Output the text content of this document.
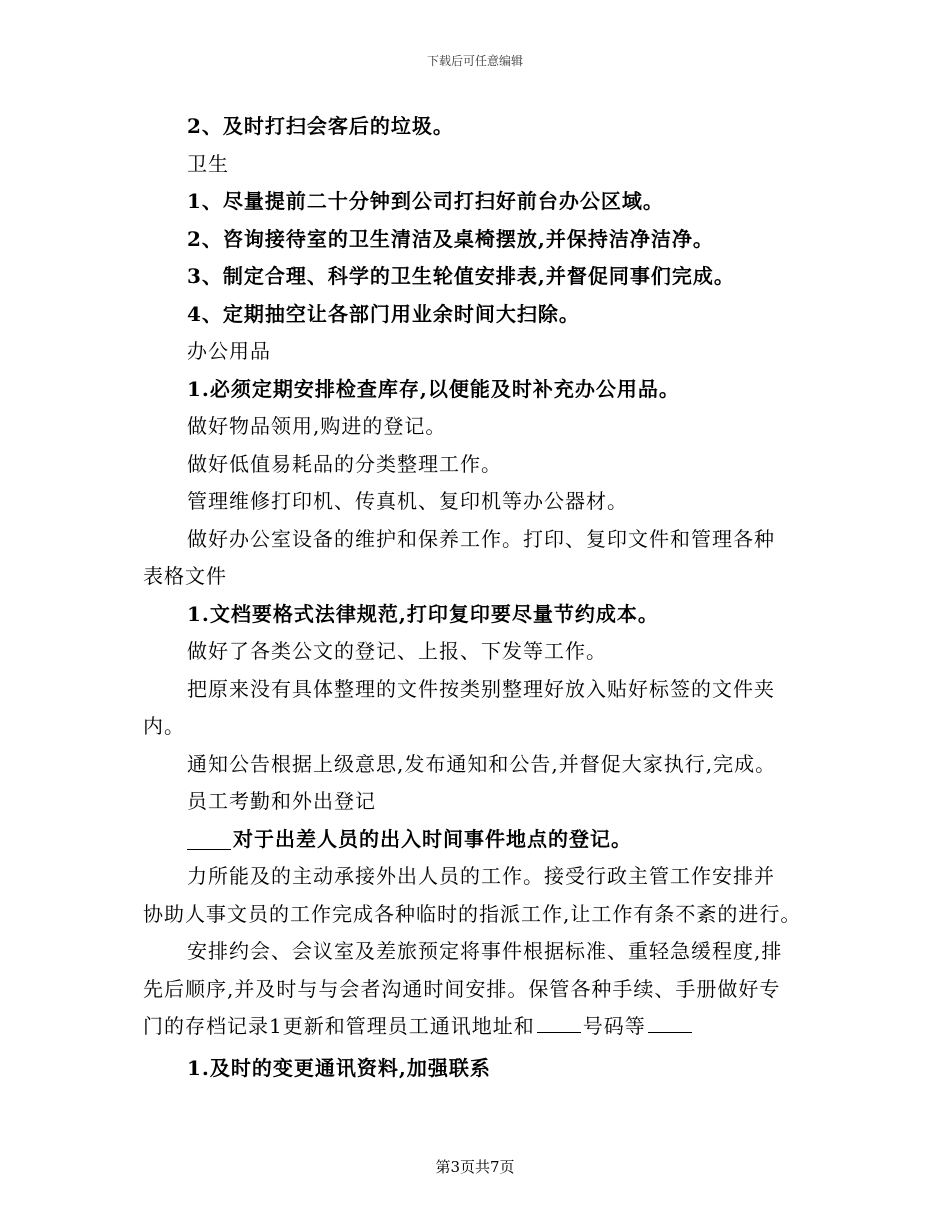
下载后可任意编辑
2、及时打扫会客后的垃圾。
卫生
1、尽量提前二十分钟到公司打扫好前台办公区域。
2、咨询接待室的卫生清洁及桌椅摆放,并保持洁净洁净。
3、制定合理、科学的卫生轮值安排表,并督促同事们完成。
4、定期抽空让各部门用业余时间大扫除。
办公用品
1.必须定期安排检查库存,以便能及时补充办公用品。
做好物品领用,购进的登记。
做好低值易耗品的分类整理工作。
管理维修打印机、传真机、复印机等办公器材。
做好办公室设备的维护和保养工作。打印、复印文件和管理各种
表格文件
1.文档要格式法律规范,打印复印要尽量节约成本。
做好了各类公文的登记、上报、下发等工作。
把原来没有具体整理的文件按类别整理好放入贴好标签的文件夹
内。
通知公告根据上级意思,发布通知和公告,并督促大家执行,完成。
员工考勤和外出登记
对于出差人员的出入时间事件地点的登记。
力所能及的主动承接外出人员的工作。接受行政主管工作安排并
协助人事文员的工作完成各种临时的指派工作,让工作有条不紊的进行。
安排约会、会议室及差旅预定将事件根据标准、重轻急缓程度,排
先后顺序,并及时与与会者沟通时间安排。保管各种手续、手册做好专
门的存档记录1更新和管理员工通讯地址和 号码等
1.及时的变更通讯资料,加强联系
第3页共7页
